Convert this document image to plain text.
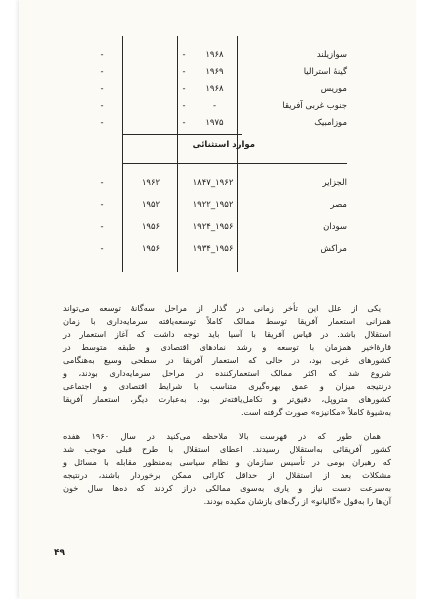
سوازیلند
۱۹۶۸
-
-
گینهٔ استرالیا
۱۹۶۹
-
-
موریس
۱۹۶۸
-
-
جنوب غربی آفریقا
-
-
-
موزامبیک
۱۹۷۵
-
-
الجزایر
۱۸۴۷_۱۹۶۲
۱۹۶۲
-
مصر
۱۹۲۲_۱۹۵۲
۱۹۵۲
-
سودان
۱۹۲۴_۱۹۵۶
۱۹۵۶
-
مراکش
۱۹۳۴_۱۹۵۶
۱۹۵۶
-
موارد استثنائی
یکی از علل این تأخر زمانی در گذار از مراحل سه‌گانهٔ توسعه می‌تواند
همزانی استعمار آفریقا توسط ممالک کاملاً توسعه‌یافته سرمایه‌داری با زمان
استقلال باشد. در قیاس آفریقا با آسیا باید توجه داشت که آغاز استعمار در
قارهٔ‌اخیر همزمان با توسعه و رشد نمادهای اقتصادی و طبقه متوسط در
کشورهای غربی بود، در حالی که استعمار آفریقا در سطحی وسیع به‌هنگامی
شروع شد که اکثر ممالک استعمارکننده در مراحل سرمایه‌داری بودند، و
درنتیجه میزان و عمق بهره‌گیری متناسب با شرایط اقتصادی و اجتماعی
کشورهای متروپل، دقیق‌تر و تکامل‌یافته‌تر بود. به‌عبارت دیگر، استعمار آفریقا
به‌شیوهٔ کاملاً «مکانیزه» صورت گرفته است.
همان طور که در فهرست بالا ملاحظه می‌کنید در سال ۱۹۶۰ هفده
کشور آفریقائی به‌استقلال رسیدند. اعطای استقلال با طرح قبلی موجب شد
که رهبران بومی در تأسیس سازمان و نظام سیاسی به‌منظور مقابله با مسائل و
مشکلات بعد از استقلال از حداقل کارائی ممکن برخوردار باشند، درنتیجه
به‌سرعت دست نیاز و یاری به‌سوی ممالکی دراز کردند که ده‌ها سال خون
آن‌ها را به‌قول «گالیانو» از رگ‌های بازشان مکیده بودند.
۴۹
